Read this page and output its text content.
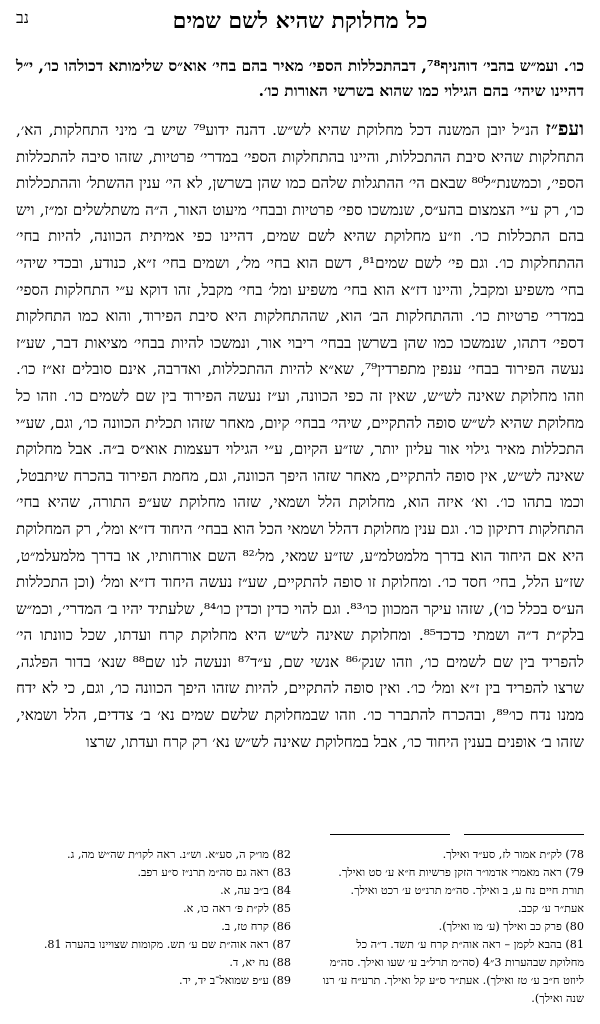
כל מחלוקת שהיא לשם שמים
נב
כו׳. ועמ״ש בהבי׳ דוהניף⁷⁸, דבהתכללות הספי׳ מאיר בהם בחי׳ אוא״ס שלימותא דכולהו כו׳, י״ל דהיינו שיהי׳ בהם הגילוי כמו שהוא בשרשי האורות כו׳.
ועפ״ז הנ״ל יובן המשנה דכל מחלוקת שהיא לש״ש. דהנה ידוע⁷⁹ שיש ב׳ מיני התחלקות, הא׳, התחלקות שהיא סיבת ההתכללות, והיינו בהתחלקות הספי׳ במדרי׳ פרטיות, שזהו סיבה להתכללות הספי׳, וכמשנת״ל⁸⁰ שבאם הי׳ ההתגלות שלהם כמו שהן בשרשן, לא הי׳ ענין ההשתל׳ וההתכללות כו׳, רק ע״י הצמצום בהע״ס, שנמשכו ספי׳ פרטיות ובבחי׳ מיעוט האור, ה״ה משתלשלים זמ״ז, ויש בהם התכללות כו׳. וז״ע מחלוקת שהיא לשם שמים, דהיינו כפי אמיתית הכוונה, להיות בחי׳ ההתחלקות כו׳. וגם פי׳ לשם שמים⁸¹, דשם הוא בחי׳ מל׳, ושמים בחי׳ ז״א, כנודע, ובכדי שיהי׳ בחי׳ משפיע ומקבל, והיינו דז״א הוא בחי׳ משפיע ומל׳ בחי׳ מקבל, זהו דוקא ע״י התחלקות הספי׳ במדרי׳ פרטיות כו׳. וההתחלקות הב׳ הוא, שההתחלקות היא סיבת הפירוד, והוא כמו התחלקות דספי׳ דתהו, שנמשכו כמו שהן בשרשן בבחי׳ ריבוי אור, ונמשכו להיות בבחי׳ מציאות דבר, שע״ז נעשה הפירוד בבחי׳ ענפין מתפרדין⁷⁹, שא״א להיות ההתכללות, ואדרבה, אינם סובלים זא״ז כו׳. וזהו מחלוקת שאינה לש״ש, שאין זה כפי הכוונה, וע״ז נעשה הפירוד בין שם לשמים כו׳. וזהו כל מחלוקת שהיא לש״ש סופה להתקיים, שיהי׳ בבחי׳ קיום, מאחר שזהו תכלית הכוונה כו׳, וגם, שע״י התכללות מאיר גילוי אור עליון יותר, שז״ע הקיום, ע״י הגילוי דעצמות אוא״ס ב״ה. אבל מחלוקת שאינה לש״ש, אין סופה להתקיים, מאחר שזהו היפך הכוונה, וגם, מחמת הפירוד בהכרח שיתבטל, וכמו בתהו כו׳. וא׳ איזה הוא, מחלוקת הלל ושמאי, שזהו מחלוקת שע״פ התורה, שהיא בחי׳ התחלקות דתיקון כו׳. וגם ענין מחלוקת דהלל ושמאי הכל הוא בבחי׳ היחוד דז״א ומל׳, רק המחלוקת היא אם היחוד הוא בדרך מלמטלמ״ע, שז״ע שמאי, מל׳⁸² השם אורחותיו, או בדרך מלמעלמ״ט, שז״ע הלל, בחי׳ חסד כו׳. ומחלוקת זו סופה להתקיים, שע״ז נעשה היחוד דז״א ומל׳ (וכן התכללות הע״ס בכלל כו׳), שזהו עיקר המכוון כו׳⁸³. וגם להוי כדין וכדין כו׳⁸⁴, שלעתיד יהיו ב׳ המדרי׳, וכמ״ש בלק״ת ד״ה ושמתי כדכד⁸⁵. ומחלוקת שאינה לש״ש היא מחלוקת קרח ועדתו, שכל כוונתו הי׳ להפריד בין שם לשמים כו׳, וזהו שנק׳⁸⁶ אנשי שם, ע״ד⁸⁷ ונעשה לנו שם⁸⁸ שנא׳ בדור הפלגה, שרצו להפריד בין ז״א ומל׳ כו׳. ואין סופה להתקיים, להיות שזהו היפך הכוונה כו׳, וגם, כי לא ידח ממנו נדח כו׳⁸⁹, ובהכרח להתברר כו׳. וזהו שבמחלוקת שלשם שמים נא׳ ב׳ צדדים, הלל ושמאי, שזהו ב׳ אופנים בענין היחוד כו׳, אבל במחלוקת שאינה לש״ש נא׳ רק קרח ועדתו, שרצו
78) לק״ת אמור לז, סע״ד ואילך.
79) ראה מאמרי אדמו״ר הזקן פרשיות ח״א ע׳ סט ואילך.
תורת חיים נח ע, ב ואילך. סה״מ תרנ״ט ע׳ רכט ואילך.
אעת״ר ע׳ קכב.
80) פרק כב ואילך (ע׳ מו ואילך).
81) בהבא לקמן – ראה אוה״ת קרח ע׳ תשד. ד״ה כל
מחלוקת שבהערות 3״4 (סה״מ תרל״ב ע׳ שעו ואילך. סה״מ
ליוזט ח״ב ע׳ טז ואילך). אעת״ר ס״ע קל ואילך. תרע״ח ע׳ רנו
שנה ואילך).
82) מו״ק ה, סע״א. וש״נ. ראה לקו״ת שה״ש מה, ג.
83) ראה גם סה״מ תרנ״ז ס״ע רפב.
84) ב״ב עה, א.
85) לק״ת פ׳ ראה כו, א.
86) קרח טז, ב.
87) ראה אוה״ת שם ע׳ תש. מקומות שצויינו בהערה 81.
88) נח יא, ד.
89) ע״פ שמואל־ב יד, יד.
